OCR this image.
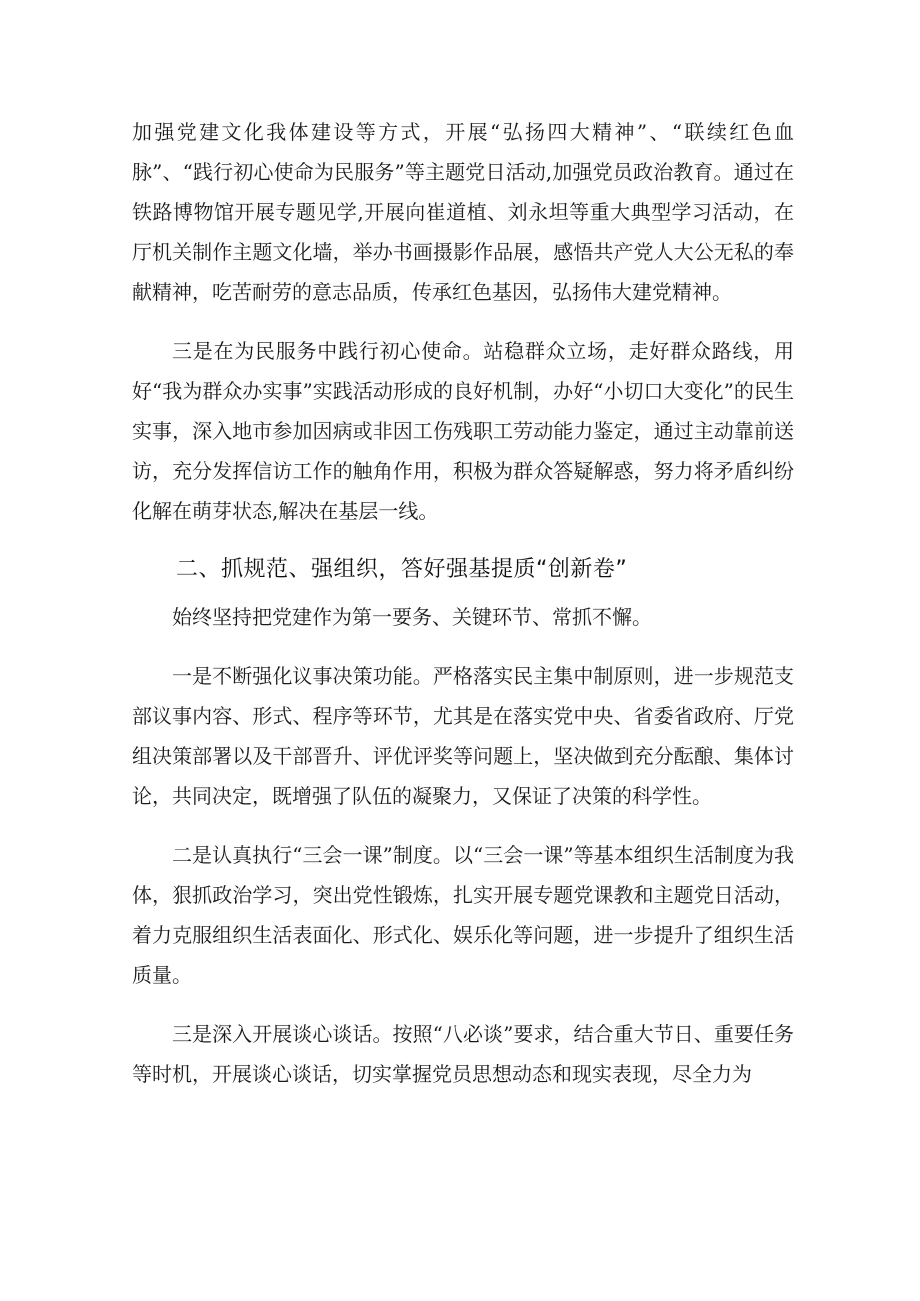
加强党建文化我体建设等方式，开展“弘扬四大精神”、“联续红色血脉”、“践行初心使命为民服务”等主题党日活动,加强党员政治教育。通过在铁路博物馆开展专题见学,开展向崔道植、刘永坦等重大典型学习活动，在厅机关制作主题文化墙，举办书画摄影作品展，感悟共产党人大公无私的奉献精神，吃苦耐劳的意志品质，传承红色基因，弘扬伟大建党精神。

三是在为民服务中践行初心使命。站稳群众立场，走好群众路线，用好“我为群众办实事”实践活动形成的良好机制，办好“小切口大变化”的民生实事，深入地市参加因病或非因工伤残职工劳动能力鉴定，通过主动靠前送访，充分发挥信访工作的触角作用，积极为群众答疑解惑，努力将矛盾纠纷化解在萌芽状态,解决在基层一线。

二、抓规范、强组织，答好强基提质“创新卷”

始终坚持把党建作为第一要务、关键环节、常抓不懈。

一是不断强化议事决策功能。严格落实民主集中制原则，进一步规范支部议事内容、形式、程序等环节，尤其是在落实党中央、省委省政府、厅党组决策部署以及干部晋升、评优评奖等问题上，坚决做到充分酝酿、集体讨论，共同决定，既增强了队伍的凝聚力，又保证了决策的科学性。

二是认真执行“三会一课”制度。以“三会一课”等基本组织生活制度为我体，狠抓政治学习，突出党性锻炼，扎实开展专题党课教和主题党日活动，着力克服组织生活表面化、形式化、娱乐化等问题，进一步提升了组织生活质量。

三是深入开展谈心谈话。按照“八必谈”要求，结合重大节日、重要任务等时机，开展谈心谈话，切实掌握党员思想动态和现实表现，尽全力为
